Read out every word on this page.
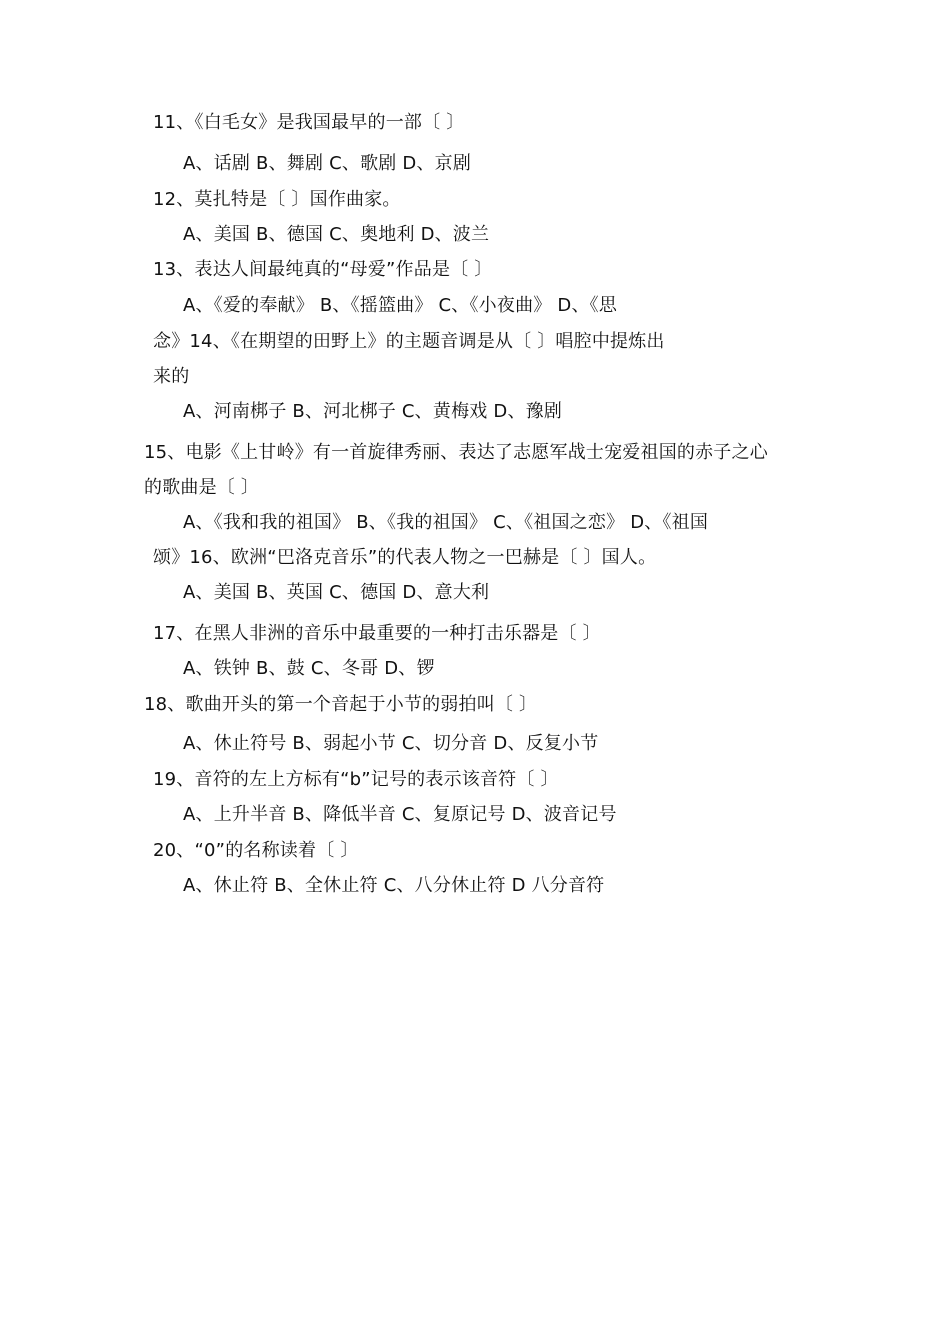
11、《白毛女》是我国最早的一部〔 〕
A、话剧 B、舞剧 C、歌剧 D、京剧
12、莫扎特是〔 〕国作曲家。
A、美国 B、德国 C、奥地利 D、波兰
13、表达人间最纯真的“母爱”作品是〔 〕
A、《爱的奉献》 B、《摇篮曲》 C、《小夜曲》 D、《思
念》14、《在期望的田野上》的主题音调是从〔 〕唱腔中提炼出
来的
A、河南梆子 B、河北梆子 C、黄梅戏 D、豫剧
15、电影《上甘岭》有一首旋律秀丽、表达了志愿军战士宠爱祖国的赤子之心
的歌曲是〔 〕
A、《我和我的祖国》 B、《我的祖国》 C、《祖国之恋》 D、《祖国
颂》16、欧洲“巴洛克音乐”的代表人物之一巴赫是〔 〕国人。
A、美国 B、英国 C、德国 D、意大利
17、在黑人非洲的音乐中最重要的一种打击乐器是〔 〕
A、铁钟 B、鼓 C、冬哥 D、锣
18、歌曲开头的第一个音起于小节的弱拍叫〔 〕
A、休止符号 B、弱起小节 C、切分音 D、反复小节
19、音符的左上方标有“b”记号的表示该音符〔 〕
A、上升半音 B、降低半音 C、复原记号 D、波音记号
20、“0”的名称读着〔 〕
A、休止符 B、全休止符 C、八分休止符 D 八分音符
